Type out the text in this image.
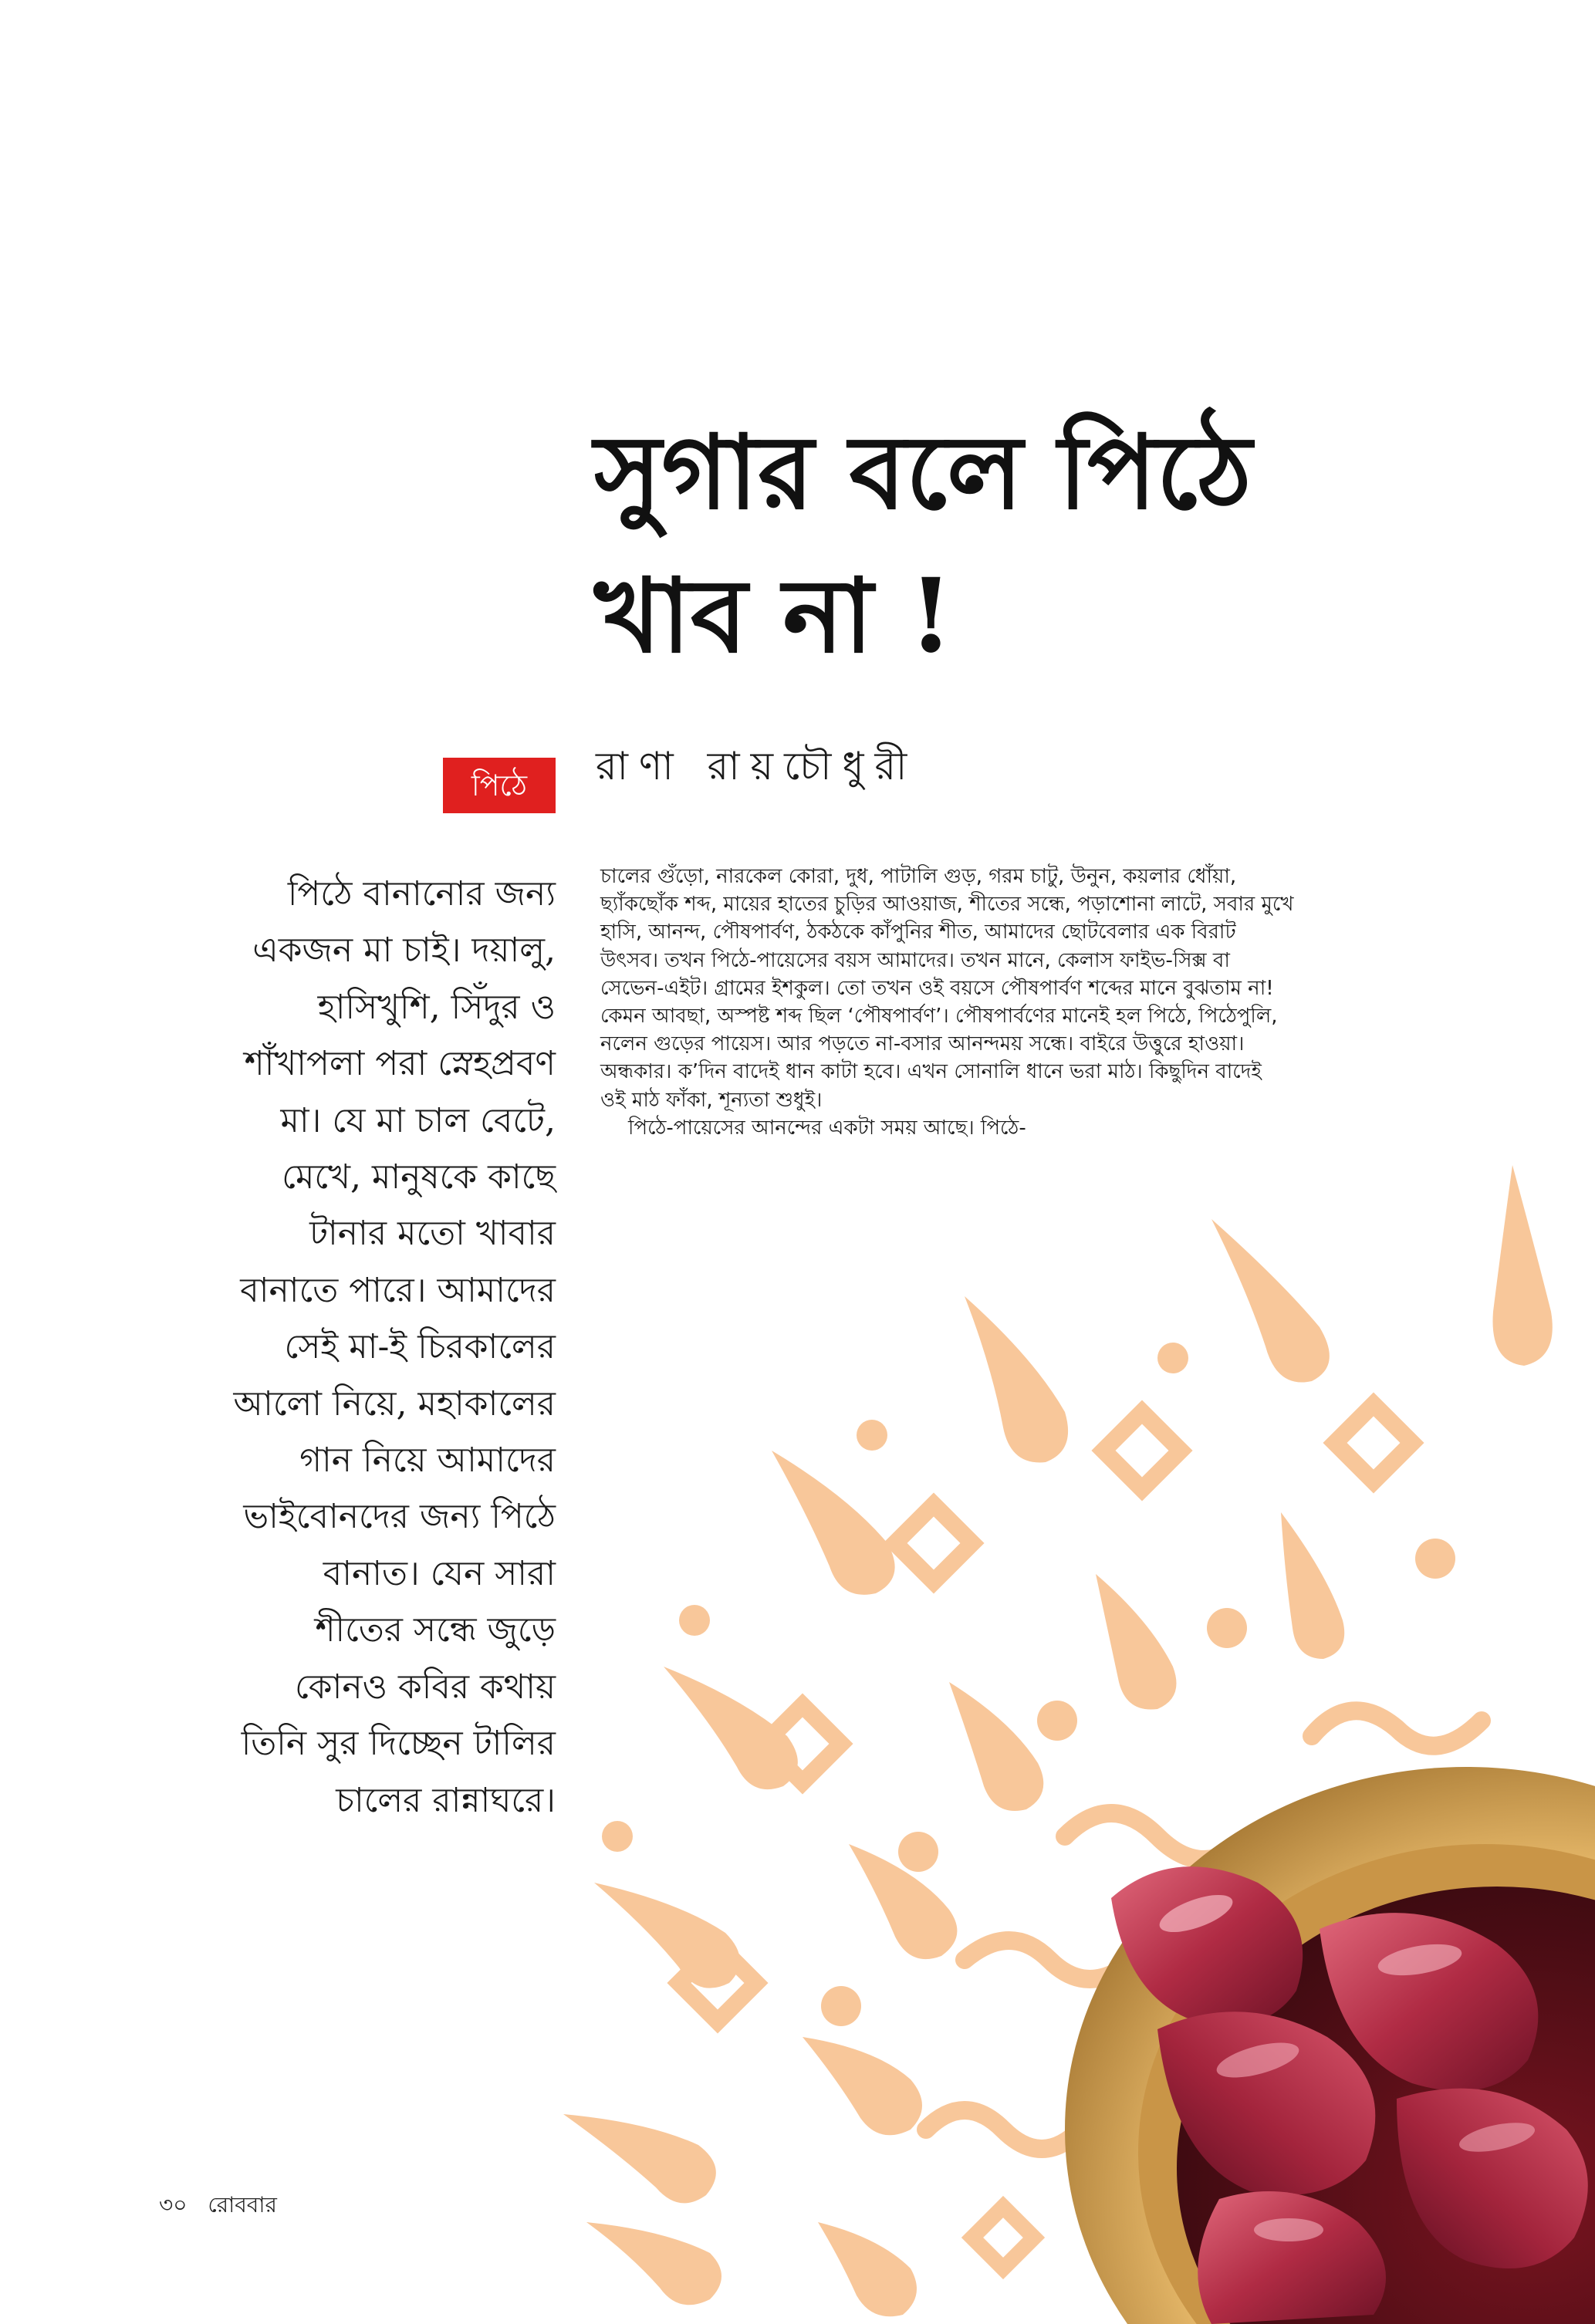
সুগার বলে পিঠে
খাব না !
রাণা রায়চৌধুরী
পিঠে
পিঠে বানানোর জন্য
একজন মা চাই। দয়ালু,
হাসিখুশি, সিঁদুর ও
শাঁখাপলা পরা স্নেহপ্রবণ
মা। যে মা চাল বেটে,
মেখে, মানুষকে কাছে
টানার মতো খাবার
বানাতে পারে। আমাদের
সেই মা-ই চিরকালের
আলো নিয়ে, মহাকালের
গান নিয়ে আমাদের
ভাইবোনদের জন্য পিঠে
বানাত। যেন সারা
শীতের সন্ধে জুড়ে
কোনও কবির কথায়
তিনি সুর দিচ্ছেন টালির
চালের রান্নাঘরে।

চালের গুঁড়ো, নারকেল কোরা, দুধ, পাটালি গুড়, গরম চাটু, উনুন, কয়লার ধোঁয়া,
ছ্যাঁকছোঁক শব্দ, মায়ের হাতের চুড়ির আওয়াজ, শীতের সন্ধে, পড়াশোনা লাটে, সবার মুখে
হাসি, আনন্দ, পৌষপার্বণ, ঠকঠকে কাঁপুনির শীত, আমাদের ছোটবেলার এক বিরাট
উৎসব। তখন পিঠে-পায়েসের বয়স আমাদের। তখন মানে, কেলাস ফাইভ-সিক্স বা
সেভেন-এইট। গ্রামের ইশকুল। তো তখন ওই বয়সে পৌষপার্বণ শব্দের মানে বুঝতাম না!
কেমন আবছা, অস্পষ্ট শব্দ ছিল ‘পৌষপার্বণ’। পৌষপার্বণের মানেই হল পিঠে, পিঠেপুলি,
নলেন গুড়ের পায়েস। আর পড়তে না-বসার আনন্দময় সন্ধে। বাইরে উত্তুরে হাওয়া।
অন্ধকার। ক’দিন বাদেই ধান কাটা হবে। এখন সোনালি ধানে ভরা মাঠ। কিছুদিন বাদেই
ওই মাঠ ফাঁকা, শূন্যতা শুধুই।

পিঠে-পায়েসের আনন্দের একটা সময় আছে। পিঠে-

৩০ রোববার
